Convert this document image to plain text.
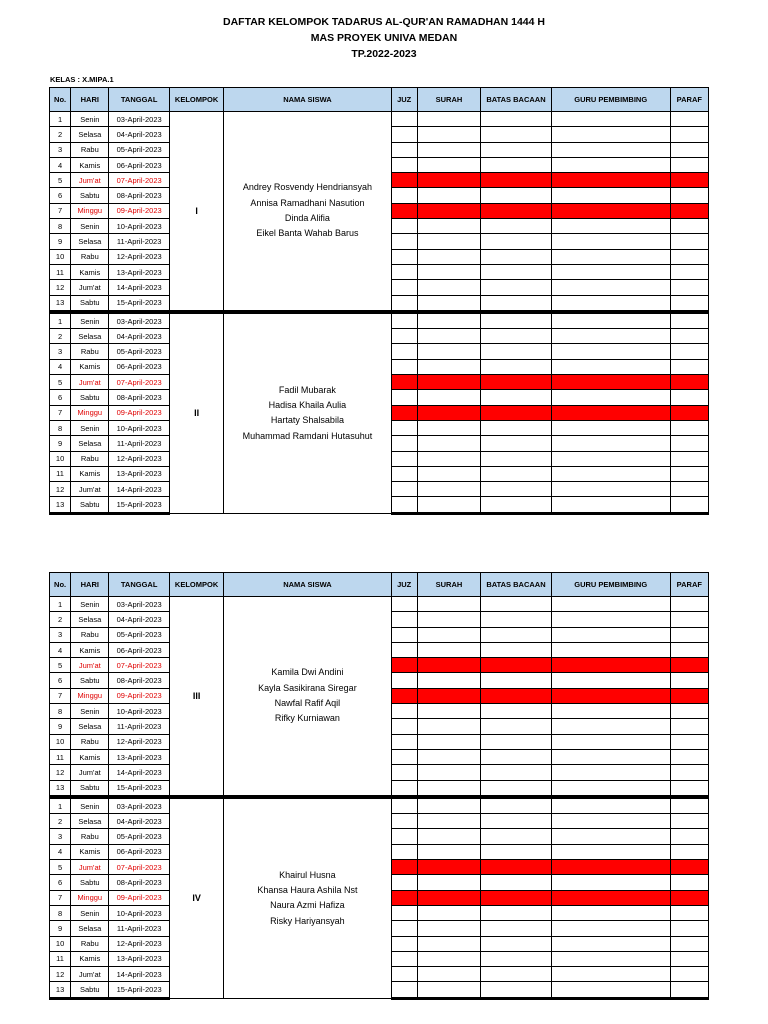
DAFTAR KELOMPOK TADARUS AL-QUR'AN RAMADHAN 1444 H
MAS PROYEK UNIVA MEDAN
TP.2022-2023
KELAS : X.MIPA.1
No.	HARI	TANGGAL	KELOMPOK	NAMA SISWA	JUZ	SURAH	BATAS BACAAN	GURU PEMBIMBING	PARAF
1	Senin	03-April-2023	I	Andrey Rosvendy Hendriansyah
Annisa Ramadhani Nasution
Dinda Alifia
Eikel Banta Wahab Barus					

2	Selasa	04-April-2023							
3	Rabu	05-April-2023							
4	Kamis	06-April-2023							
5	Jum'at	07-April-2023							
6	Sabtu	08-April-2023							
7	Minggu	09-April-2023							
8	Senin	10-April-2023							
9	Selasa	11-April-2023							
10	Rabu	12-April-2023							
11	Kamis	13-April-2023							
12	Jum'at	14-April-2023							
13	Sabtu	15-April-2023							
1	Senin	03-April-2023	II	Fadil Mubarak
Hadisa Khaila Aulia
Hartaty Shalsabila
Muhammad Ramdani Hutasuhut					

2	Selasa	04-April-2023							
3	Rabu	05-April-2023							
4	Kamis	06-April-2023							
5	Jum'at	07-April-2023							
6	Sabtu	08-April-2023							
7	Minggu	09-April-2023							
8	Senin	10-April-2023							
9	Selasa	11-April-2023							
10	Rabu	12-April-2023							
11	Kamis	13-April-2023							
12	Jum'at	14-April-2023							
13	Sabtu	15-April-2023							
No.	HARI	TANGGAL	KELOMPOK	NAMA SISWA	JUZ	SURAH	BATAS BACAAN	GURU PEMBIMBING	PARAF
1	Senin	03-April-2023	III	Kamila Dwi Andini
Kayla Sasikirana Siregar
Nawfal Rafif Aqil
Rifky Kurniawan					

2	Selasa	04-April-2023							
3	Rabu	05-April-2023							
4	Kamis	06-April-2023							
5	Jum'at	07-April-2023							
6	Sabtu	08-April-2023							
7	Minggu	09-April-2023							
8	Senin	10-April-2023							
9	Selasa	11-April-2023							
10	Rabu	12-April-2023							
11	Kamis	13-April-2023							
12	Jum'at	14-April-2023							
13	Sabtu	15-April-2023							
1	Senin	03-April-2023	IV	Khairul Husna
Khansa Haura Ashila Nst
Naura Azmi Hafiza
Risky Hariyansyah					

2	Selasa	04-April-2023							
3	Rabu	05-April-2023							
4	Kamis	06-April-2023							
5	Jum'at	07-April-2023							
6	Sabtu	08-April-2023							
7	Minggu	09-April-2023							
8	Senin	10-April-2023							
9	Selasa	11-April-2023							
10	Rabu	12-April-2023							
11	Kamis	13-April-2023							
12	Jum'at	14-April-2023							
13	Sabtu	15-April-2023							
